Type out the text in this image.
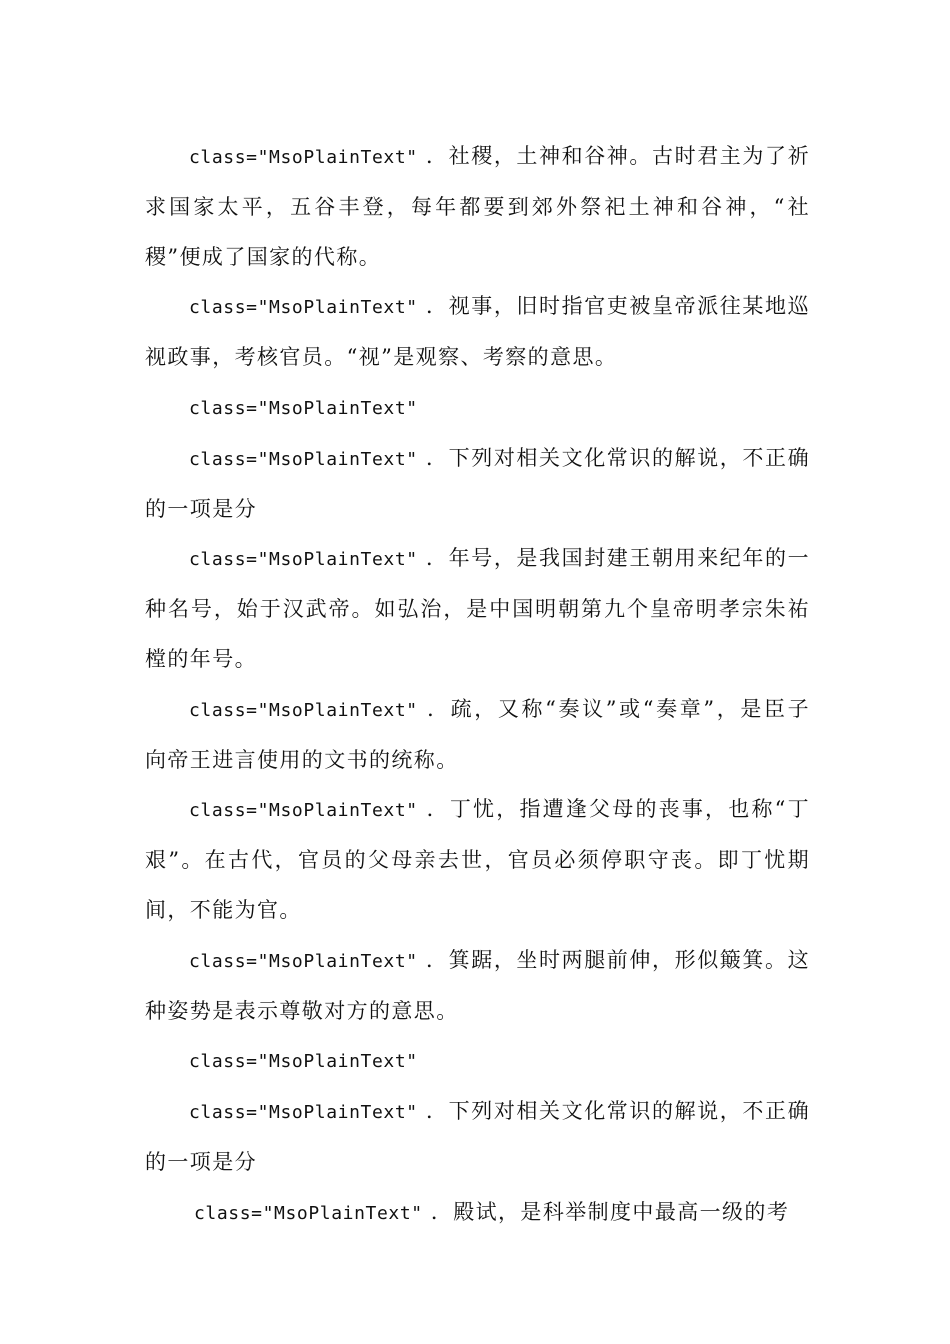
class="MsoPlainText" ．社稷，土神和谷神。古时君主为了祈求国家太平，五谷丰登，每年都要到郊外祭祀土神和谷神，“社稷”便成了国家的代称。

class="MsoPlainText" ．视事，旧时指官吏被皇帝派往某地巡视政事，考核官员。“视”是观察、考察的意思。

class="MsoPlainText"

class="MsoPlainText" ．下列对相关文化常识的解说，不正确的一项是分

class="MsoPlainText" ．年号，是我国封建王朝用来纪年的一种名号，始于汉武帝。如弘治，是中国明朝第九个皇帝明孝宗朱祐樘的年号。

class="MsoPlainText" ．疏，又称“奏议”或“奏章”，是臣子向帝王进言使用的文书的统称。

class="MsoPlainText" ．丁忧，指遭逢父母的丧事，也称“丁艰”。在古代，官员的父母亲去世，官员必须停职守丧。即丁忧期间，不能为官。

class="MsoPlainText" ．箕踞，坐时两腿前伸，形似簸箕。这种姿势是表示尊敬对方的意思。

class="MsoPlainText"

class="MsoPlainText" ．下列对相关文化常识的解说，不正确的一项是分

class="MsoPlainText" ．殿试，是科举制度中最高一级的考
